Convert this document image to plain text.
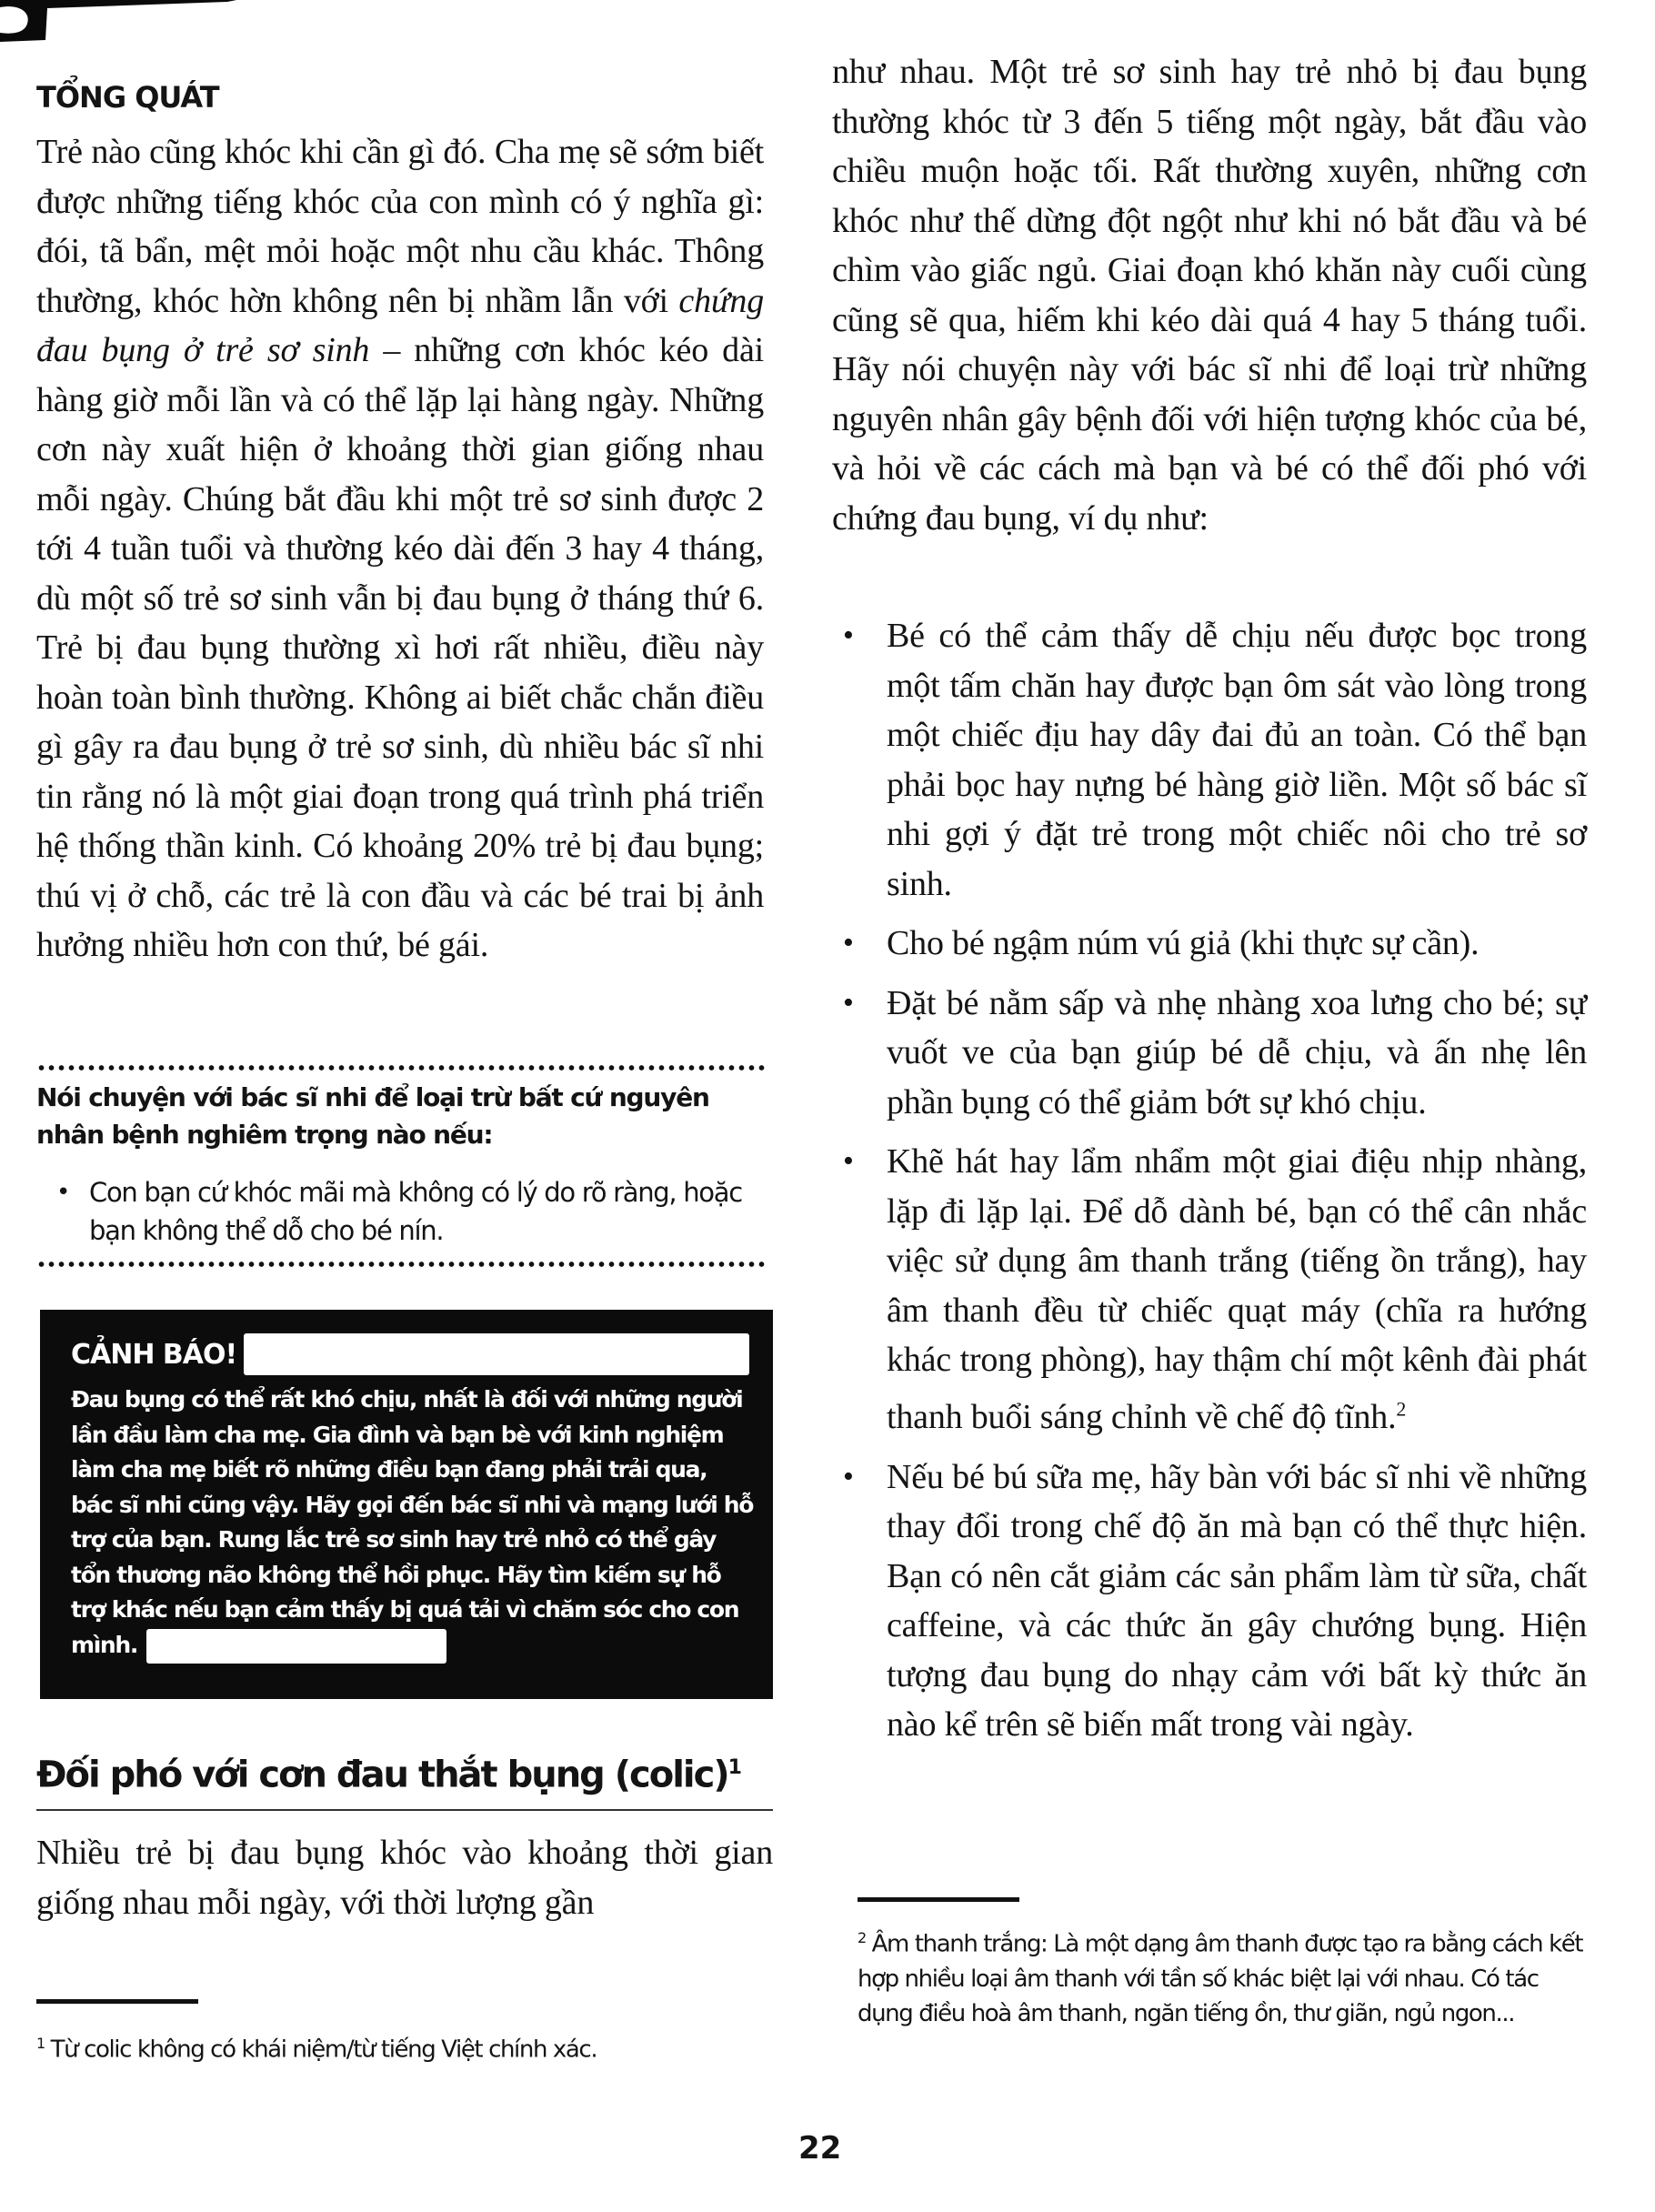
TỔNG QUÁT

Trẻ nào cũng khóc khi cần gì đó. Cha mẹ sẽ sớm biết được những tiếng khóc của con mình có ý nghĩa gì: đói, tã bẩn, mệt mỏi hoặc một nhu cầu khác. Thông thường, khóc hờn không nên bị nhầm lẫn với chứng đau bụng ở trẻ sơ sinh – những cơn khóc kéo dài hàng giờ mỗi lần và có thể lặp lại hàng ngày. Những cơn này xuất hiện ở khoảng thời gian giống nhau mỗi ngày. Chúng bắt đầu khi một trẻ sơ sinh được 2 tới 4 tuần tuổi và thường kéo dài đến 3 hay 4 tháng, dù một số trẻ sơ sinh vẫn bị đau bụng ở tháng thứ 6. Trẻ bị đau bụng thường xì hơi rất nhiều, điều này hoàn toàn bình thường. Không ai biết chắc chắn điều gì gây ra đau bụng ở trẻ sơ sinh, dù nhiều bác sĩ nhi tin rằng nó là một giai đoạn trong quá trình phá triển hệ thống thần kinh. Có khoảng 20% trẻ bị đau bụng; thú vị ở chỗ, các trẻ là con đầu và các bé trai bị ảnh hưởng nhiều hơn con thứ, bé gái.

Nói chuyện với bác sĩ nhi để loại trừ bất cứ nguyên nhân bệnh nghiêm trọng nào nếu:

• Con bạn cứ khóc mãi mà không có lý do rõ ràng, hoặc bạn không thể dỗ cho bé nín.
CẢNH BÁO!

Đau bụng có thể rất khó chịu, nhất là đối với những người lần đầu làm cha mẹ. Gia đình và bạn bè với kinh nghiệm làm cha mẹ biết rõ những điều bạn đang phải trải qua, bác sĩ nhi cũng vậy. Hãy gọi đến bác sĩ nhi và mạng lưới hỗ trợ của bạn. Rung lắc trẻ sơ sinh hay trẻ nhỏ có thể gây tổn thương não không thể hồi phục. Hãy tìm kiếm sự hỗ trợ khác nếu bạn cảm thấy bị quá tải vì chăm sóc cho con mình.

Đối phó với cơn đau thắt bụng (colic)$^1$

Nhiều trẻ bị đau bụng khóc vào khoảng thời gian giống nhau mỗi ngày, với thời lượng gần

$^1$ Từ colic không có khái niệm/từ tiếng Việt chính xác.

như nhau. Một trẻ sơ sinh hay trẻ nhỏ bị đau bụng thường khóc từ 3 đến 5 tiếng một ngày, bắt đầu vào chiều muộn hoặc tối. Rất thường xuyên, những cơn khóc như thế dừng đột ngột như khi nó bắt đầu và bé chìm vào giấc ngủ. Giai đoạn khó khăn này cuối cùng cũng sẽ qua, hiếm khi kéo dài quá 4 hay 5 tháng tuổi. Hãy nói chuyện này với bác sĩ nhi để loại trừ những nguyên nhân gây bệnh đối với hiện tượng khóc của bé, và hỏi về các cách mà bạn và bé có thể đối phó với chứng đau bụng, ví dụ như:

• Bé có thể cảm thấy dễ chịu nếu được bọc trong một tấm chăn hay được bạn ôm sát vào lòng trong một chiếc địu hay dây đai đủ an toàn. Có thể bạn phải bọc hay nựng bé hàng giờ liền. Một số bác sĩ nhi gợi ý đặt trẻ trong một chiếc nôi cho trẻ sơ sinh.
• Cho bé ngậm núm vú giả (khi thực sự cần).
• Đặt bé nằm sấp và nhẹ nhàng xoa lưng cho bé; sự vuốt ve của bạn giúp bé dễ chịu, và ấn nhẹ lên phần bụng có thể giảm bớt sự khó chịu.
• Khẽ hát hay lẩm nhẩm một giai điệu nhịp nhàng, lặp đi lặp lại. Để dỗ dành bé, bạn có thể cân nhắc việc sử dụng âm thanh trắng (tiếng ồn trắng), hay âm thanh đều từ chiếc quạt máy (chĩa ra hướng khác trong phòng), hay thậm chí một kênh đài phát thanh buổi sáng chỉnh về chế độ tĩnh.$^2$
• Nếu bé bú sữa mẹ, hãy bàn với bác sĩ nhi về những thay đổi trong chế độ ăn mà bạn có thể thực hiện. Bạn có nên cắt giảm các sản phẩm làm từ sữa, chất caffeine, và các thức ăn gây chướng bụng. Hiện tượng đau bụng do nhạy cảm với bất kỳ thức ăn nào kể trên sẽ biến mất trong vài ngày.

$^2$ Âm thanh trắng: Là một dạng âm thanh được tạo ra bằng cách kết hợp nhiều loại âm thanh với tần số khác biệt lại với nhau. Có tác dụng điều hoà âm thanh, ngăn tiếng ồn, thư giãn, ngủ ngon...

22
